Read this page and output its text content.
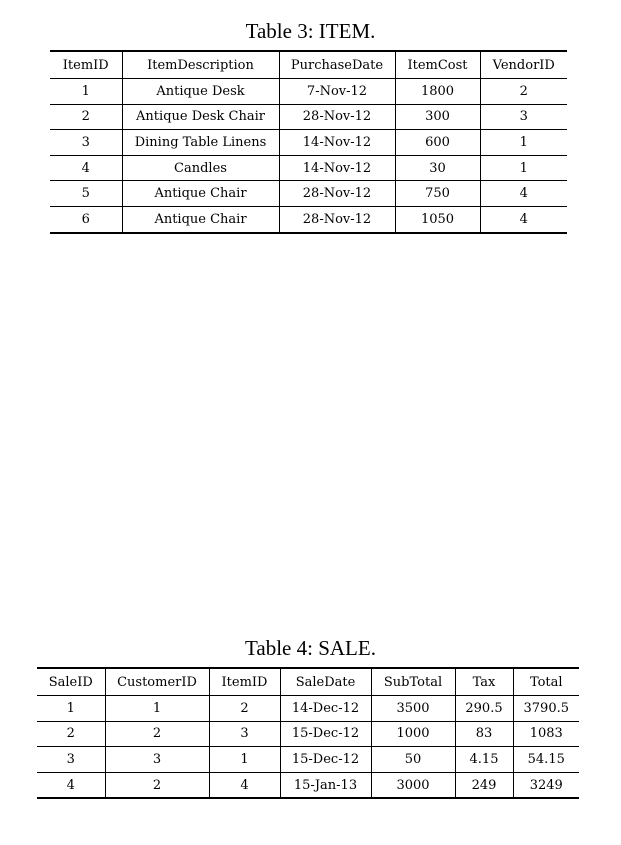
Table 3: ITEM.
ItemID	ItemDescription	PurchaseDate	ItemCost	VendorID
1	Antique Desk	7-Nov-12	1800	2
2	Antique Desk Chair	28-Nov-12	300	3
3	Dining Table Linens	14-Nov-12	600	1
4	Candles	14-Nov-12	30	1
5	Antique Chair	28-Nov-12	750	4
6	Antique Chair	28-Nov-12	1050	4
Table 4: SALE.
SaleID	CustomerID	ItemID	SaleDate	SubTotal	Tax	Total
1	1	2	14-Dec-12	3500	290.5	3790.5
2	2	3	15-Dec-12	1000	83	1083
3	3	1	15-Dec-12	50	4.15	54.15
4	2	4	15-Jan-13	3000	249	3249
